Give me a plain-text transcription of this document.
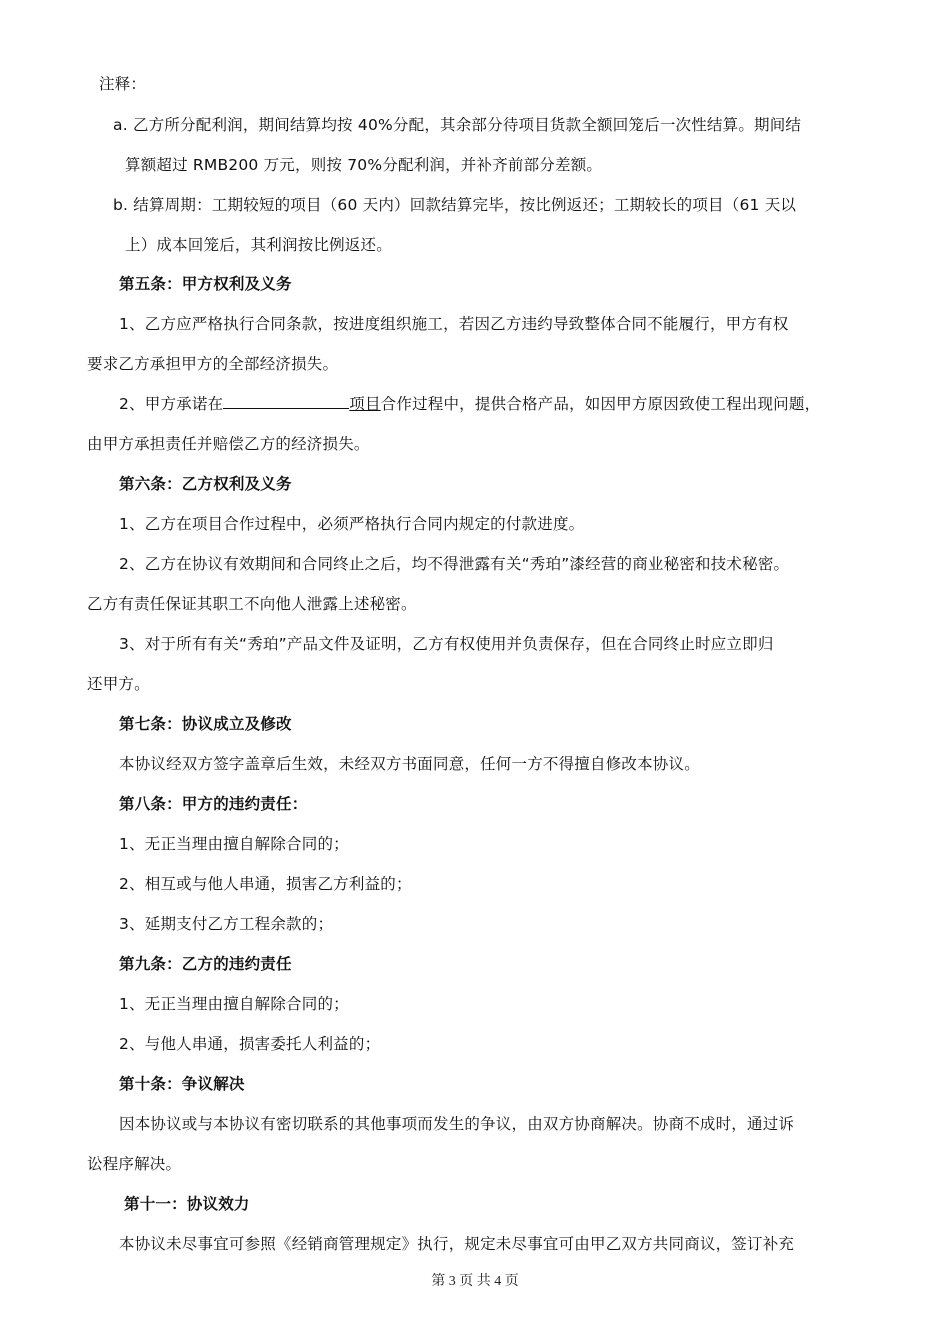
注释：

a. 乙方所分配利润，期间结算均按 40%分配，其余部分待项目货款全额回笼后一次性结算。期间结

算额超过 RMB200 万元，则按 70%分配利润，并补齐前部分差额。

b. 结算周期：工期较短的项目（60 天内）回款结算完毕，按比例返还；工期较长的项目（61 天以

上）成本回笼后，其利润按比例返还。

第五条：甲方权利及义务

1、乙方应严格执行合同条款，按进度组织施工，若因乙方违约导致整体合同不能履行，甲方有权

要求乙方承担甲方的全部经济损失。

2、甲方承诺在	项目合作过程中，提供合格产品，如因甲方原因致使工程出现问题，

由甲方承担责任并赔偿乙方的经济损失。

第六条：乙方权利及义务

1、乙方在项目合作过程中，必须严格执行合同内规定的付款进度。

2、乙方在协议有效期间和合同终止之后，均不得泄露有关“秀珀”漆经营的商业秘密和技术秘密。

乙方有责任保证其职工不向他人泄露上述秘密。

3、对于所有有关“秀珀”产品文件及证明，乙方有权使用并负责保存，但在合同终止时应立即归

还甲方。

第七条：协议成立及修改

本协议经双方签字盖章后生效，未经双方书面同意，任何一方不得擅自修改本协议。

第八条：甲方的违约责任：

1、无正当理由擅自解除合同的；

2、相互或与他人串通，损害乙方利益的；

3、延期支付乙方工程余款的；

第九条：乙方的违约责任

1、无正当理由擅自解除合同的；

2、与他人串通，损害委托人利益的；

第十条：争议解决

因本协议或与本协议有密切联系的其他事项而发生的争议，由双方协商解决。协商不成时，通过诉

讼程序解决。

第十一：协议效力

本协议未尽事宜可参照《经销商管理规定》执行，规定未尽事宜可由甲乙双方共同商议，签订补充

第 3 页 共 4 页
